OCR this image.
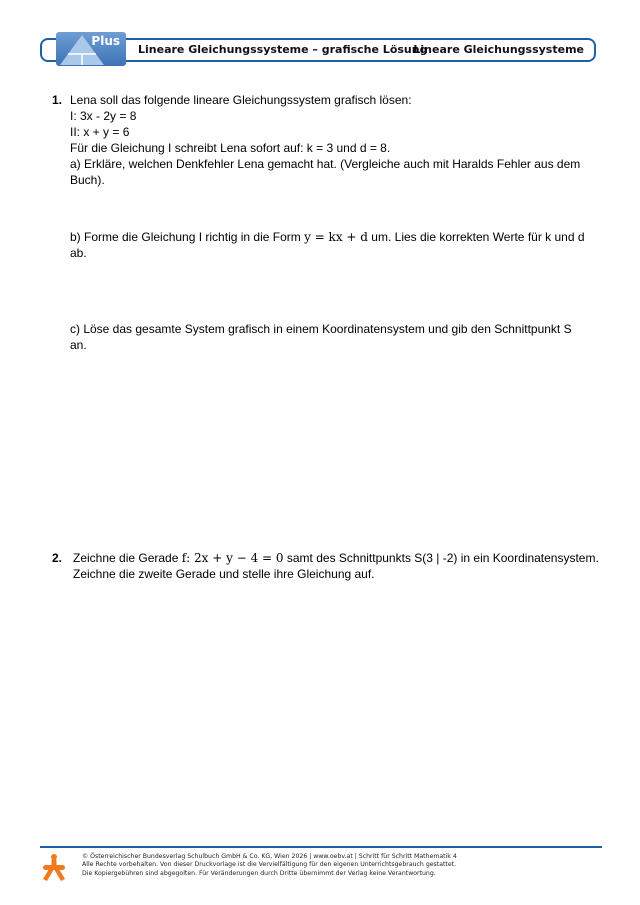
Plus
Lineare Gleichungssysteme – grafische Lösung
Lineare Gleichungssysteme
1. Lena soll das folgende lineare Gleichungssystem grafisch lösen:
I: 3x - 2y = 8
II: x + y = 6
Für die Gleichung I schreibt Lena sofort auf: k = 3 und d = 8.
a) Erkläre, welchen Denkfehler Lena gemacht hat. (Vergleiche auch mit Haralds Fehler aus dem
Buch).
b) Forme die Gleichung I richtig in die Form y = kx + d um. Lies die korrekten Werte für k und d
ab.
c) Löse das gesamte System grafisch in einem Koordinatensystem und gib den Schnittpunkt S
an.
2. Zeichne die Gerade f: 2x + y − 4 = 0 samt des Schnittpunkts S(3 | -2) in ein Koordinatensystem.
Zeichne die zweite Gerade und stelle ihre Gleichung auf.
© Österreichischer Bundesverlag Schulbuch GmbH & Co. KG, Wien 2026 | www.oebv.at | Schritt für Schritt Mathematik 4
Alle Rechte vorbehalten. Von dieser Druckvorlage ist die Vervielfältigung für den eigenen Unterrichtsgebrauch gestattet.
Die Kopiergebühren sind abgegolten. Für Veränderungen durch Dritte übernimmt der Verlag keine Verantwortung.
